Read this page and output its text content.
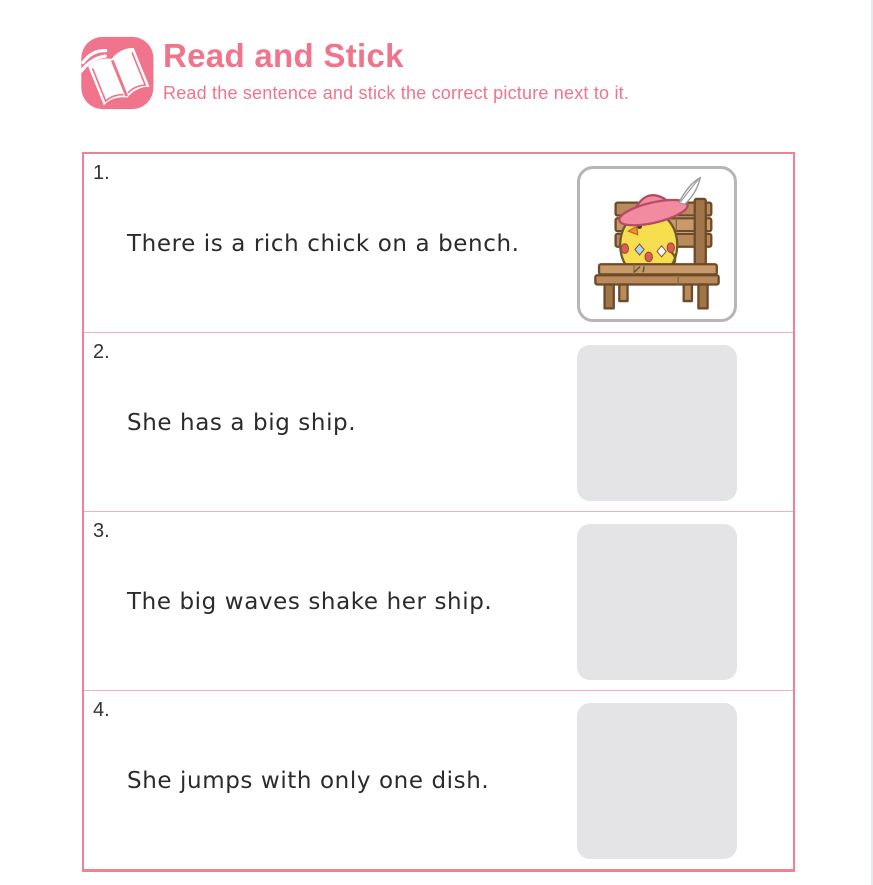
Read and Stick
Read the sentence and stick the correct picture next to it.
1.
There is a rich chick on a bench.
2.
She has a big ship.
3.
The big waves shake her ship.
4.
She jumps with only one dish.
